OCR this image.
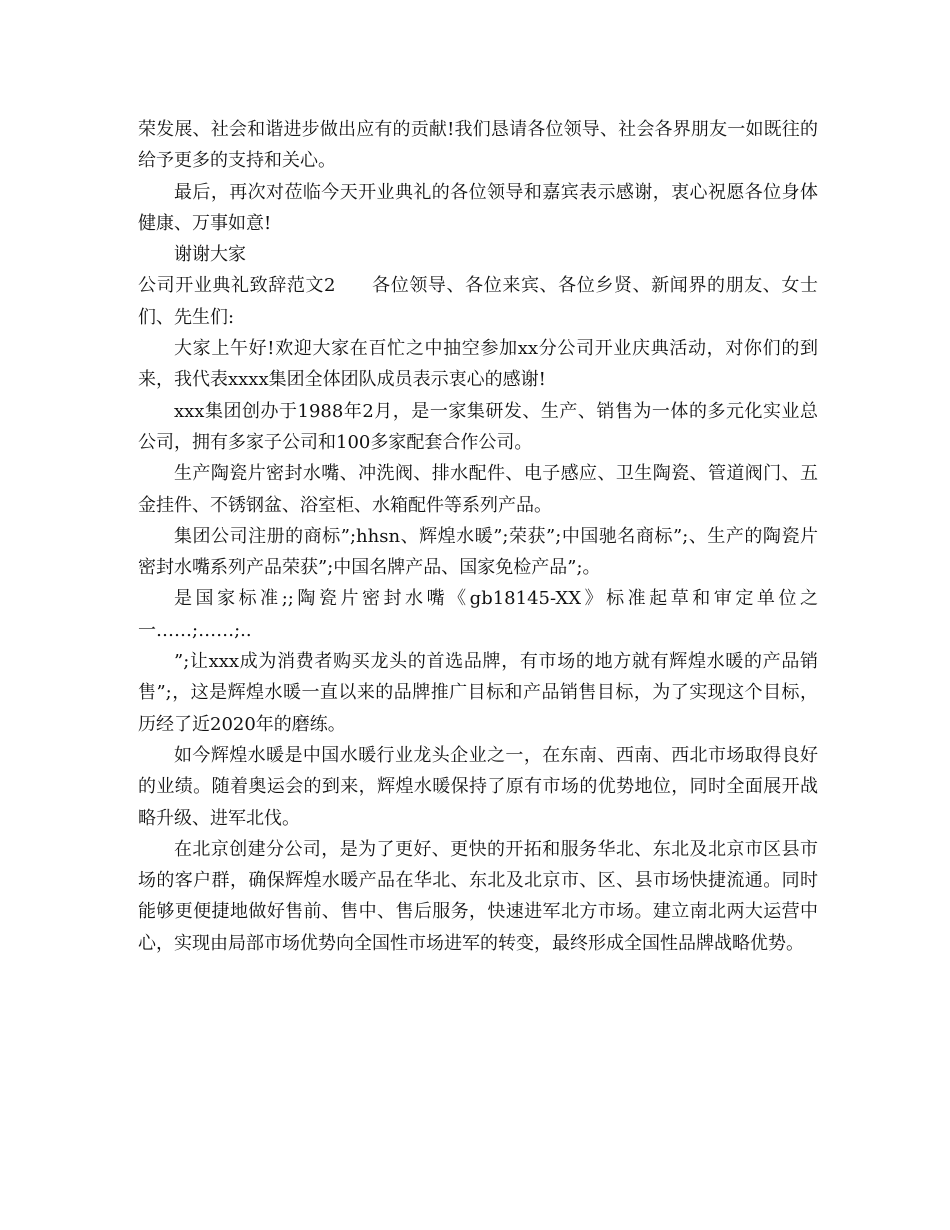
荣发展、社会和谐进步做出应有的贡献!我们恳请各位领导、社会各界朋友一如既往的给予更多的支持和关心。

最后，再次对莅临今天开业典礼的各位领导和嘉宾表示感谢，衷心祝愿各位身体健康、万事如意!

谢谢大家

公司开业典礼致辞范文2 各位领导、各位来宾、各位乡贤、新闻界的朋友、女士们、先生们:

大家上午好!欢迎大家在百忙之中抽空参加xx分公司开业庆典活动，对你们的到来，我代表xxxx集团全体团队成员表示衷心的感谢!

xxx集团创办于1988年2月，是一家集研发、生产、销售为一体的多元化实业总公司，拥有多家子公司和100多家配套合作公司。

生产陶瓷片密封水嘴、冲洗阀、排水配件、电子感应、卫生陶瓷、管道阀门、五金挂件、不锈钢盆、浴室柜、水箱配件等系列产品。

集团公司注册的商标”;hhsn、辉煌水暖”;荣获”;中国驰名商标”;、生产的陶瓷片密封水嘴系列产品荣获”;中国名牌产品、国家免检产品”;。

是国家标准;;陶瓷片密封水嘴《gb18145-XX》标准起草和审定单位之一……;……;..

”;让xxx成为消费者购买龙头的首选品牌，有市场的地方就有辉煌水暖的产品销售”;，这是辉煌水暖一直以来的品牌推广目标和产品销售目标，为了实现这个目标，历经了近2020年的磨练。

如今辉煌水暖是中国水暖行业龙头企业之一，在东南、西南、西北市场取得良好的业绩。随着奥运会的到来，辉煌水暖保持了原有市场的优势地位，同时全面展开战略升级、进军北伐。

在北京创建分公司，是为了更好、更快的开拓和服务华北、东北及北京市区县市场的客户群，确保辉煌水暖产品在华北、东北及北京市、区、县市场快捷流通。同时能够更便捷地做好售前、售中、售后服务，快速进军北方市场。建立南北两大运营中心，实现由局部市场优势向全国性市场进军的转变，最终形成全国性品牌战略优势。
